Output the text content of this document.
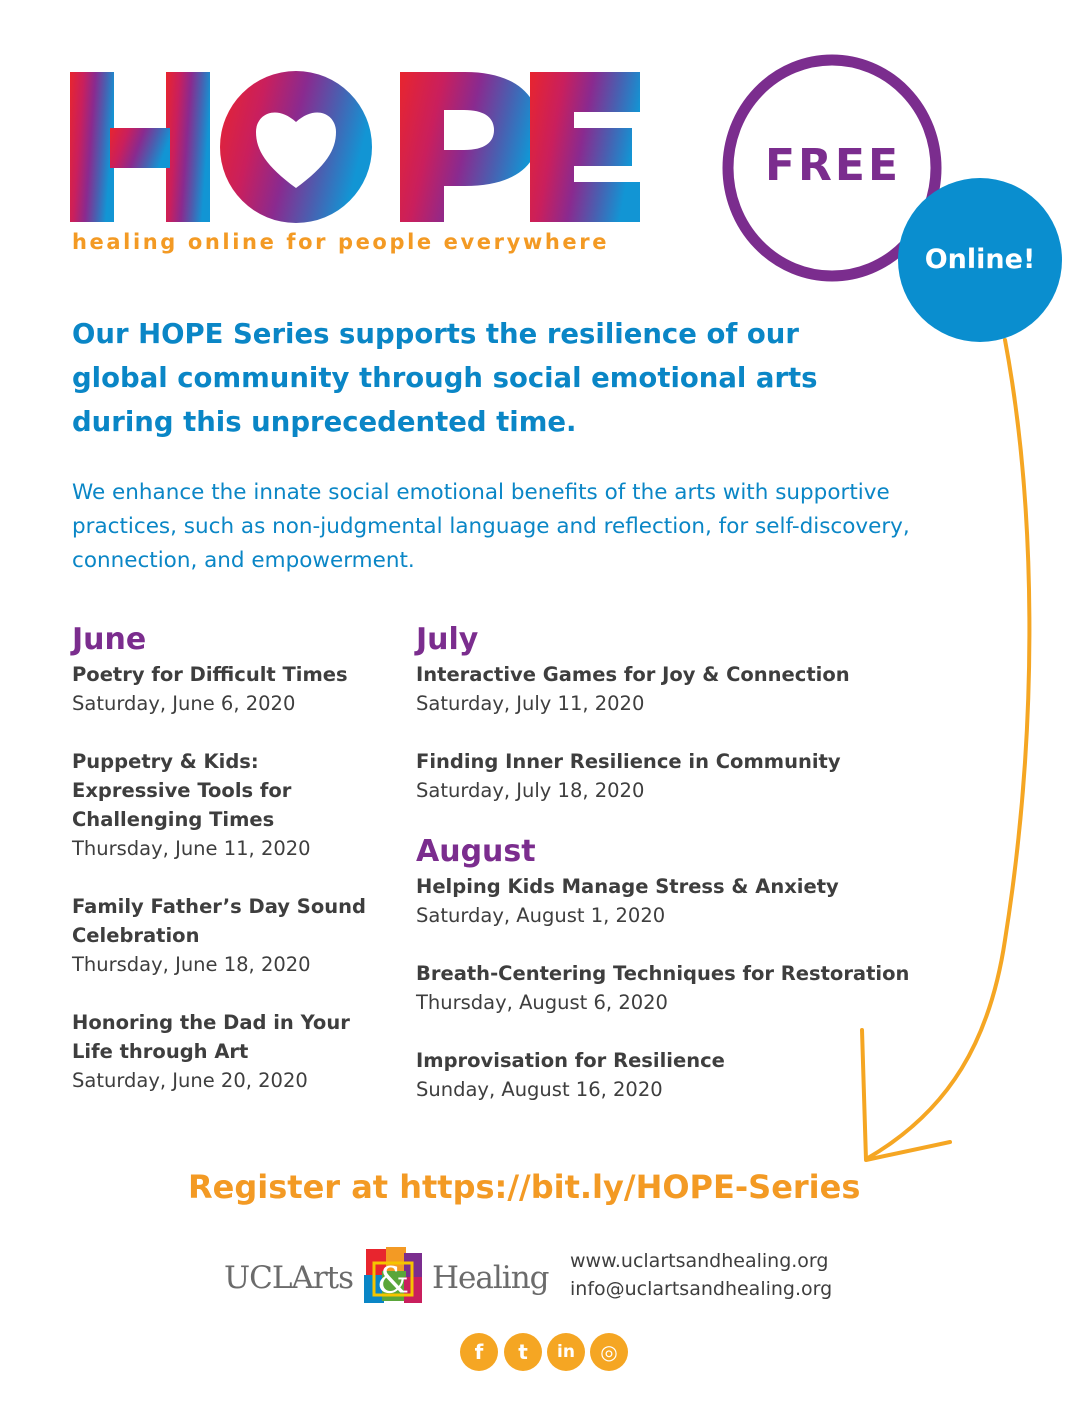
healing online for people everywhere
FREE
Online!
Our HOPE Series supports the resilience of our global community through social emotional arts during this unprecedented time.
We enhance the innate social emotional benefits of the arts with supportive practices, such as non-judgmental language and reflection, for self-discovery, connection, and empowerment.
June
Poetry for Difficult Times
Saturday, June 6, 2020
Puppetry & Kids: Expressive Tools for Challenging Times
Thursday, June 11, 2020
Family Father’s Day Sound Celebration
Thursday, June 18, 2020
Honoring the Dad in Your Life through Art
Saturday, June 20, 2020
July
Interactive Games for Joy & Connection
Saturday, July 11, 2020
Finding Inner Resilience in Community
Saturday, July 18, 2020
August
Helping Kids Manage Stress & Anxiety
Saturday, August 1, 2020
Breath-Centering Techniques for Restoration
Thursday, August 6, 2020
Improvisation for Resilience
Sunday, August 16, 2020
Register at https://bit.ly/HOPE-Series
UCLArts & Healing www.uclartsandhealing.org
info@uclartsandhealing.org
f	t	in	◎
